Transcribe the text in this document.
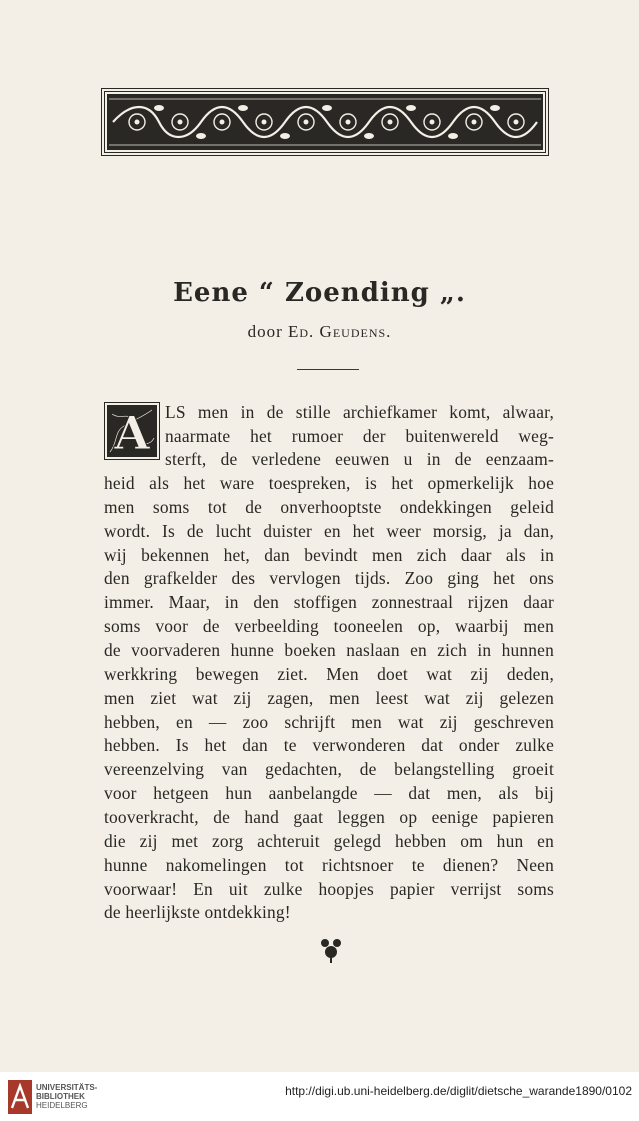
Eene “ Zoending „.
door Ed. Geudens.
A LS men in de stille archiefkamer komt, alwaar,
naarmate het rumoer der buitenwereld weg-
sterft, de verledene eeuwen u in de eenzaam-
heid als het ware toespreken, is het opmerkelijk hoe
men soms tot de onverhooptste ondekkingen geleid
wordt. Is de lucht duister en het weer morsig, ja dan,
wij bekennen het, dan bevindt men zich daar als in
den grafkelder des vervlogen tijds. Zoo ging het ons
immer. Maar, in den stoffigen zonnestraal rijzen daar
soms voor de verbeelding tooneelen op, waarbij men
de voorvaderen hunne boeken naslaan en zich in hunnen
werkkring bewegen ziet. Men doet wat zij deden,
men ziet wat zij zagen, men leest wat zij gelezen
hebben, en — zoo schrijft men wat zij geschreven
hebben. Is het dan te verwonderen dat onder zulke
vereenzelving van gedachten, de belangstelling groeit
voor hetgeen hun aanbelangde — dat men, als bij
tooverkracht, de hand gaat leggen op eenige papieren
die zij met zorg achteruit gelegd hebben om hun en
hunne nakomelingen tot richtsnoer te dienen? Neen
voorwaar! En uit zulke hoopjes papier verrijst soms
de heerlijkste ontdekking!
UNIVERSITÄTS-
BIBLIOTHEK
HEIDELBERG
http://digi.ub.uni-heidelberg.de/diglit/dietsche_warande1890/0102
